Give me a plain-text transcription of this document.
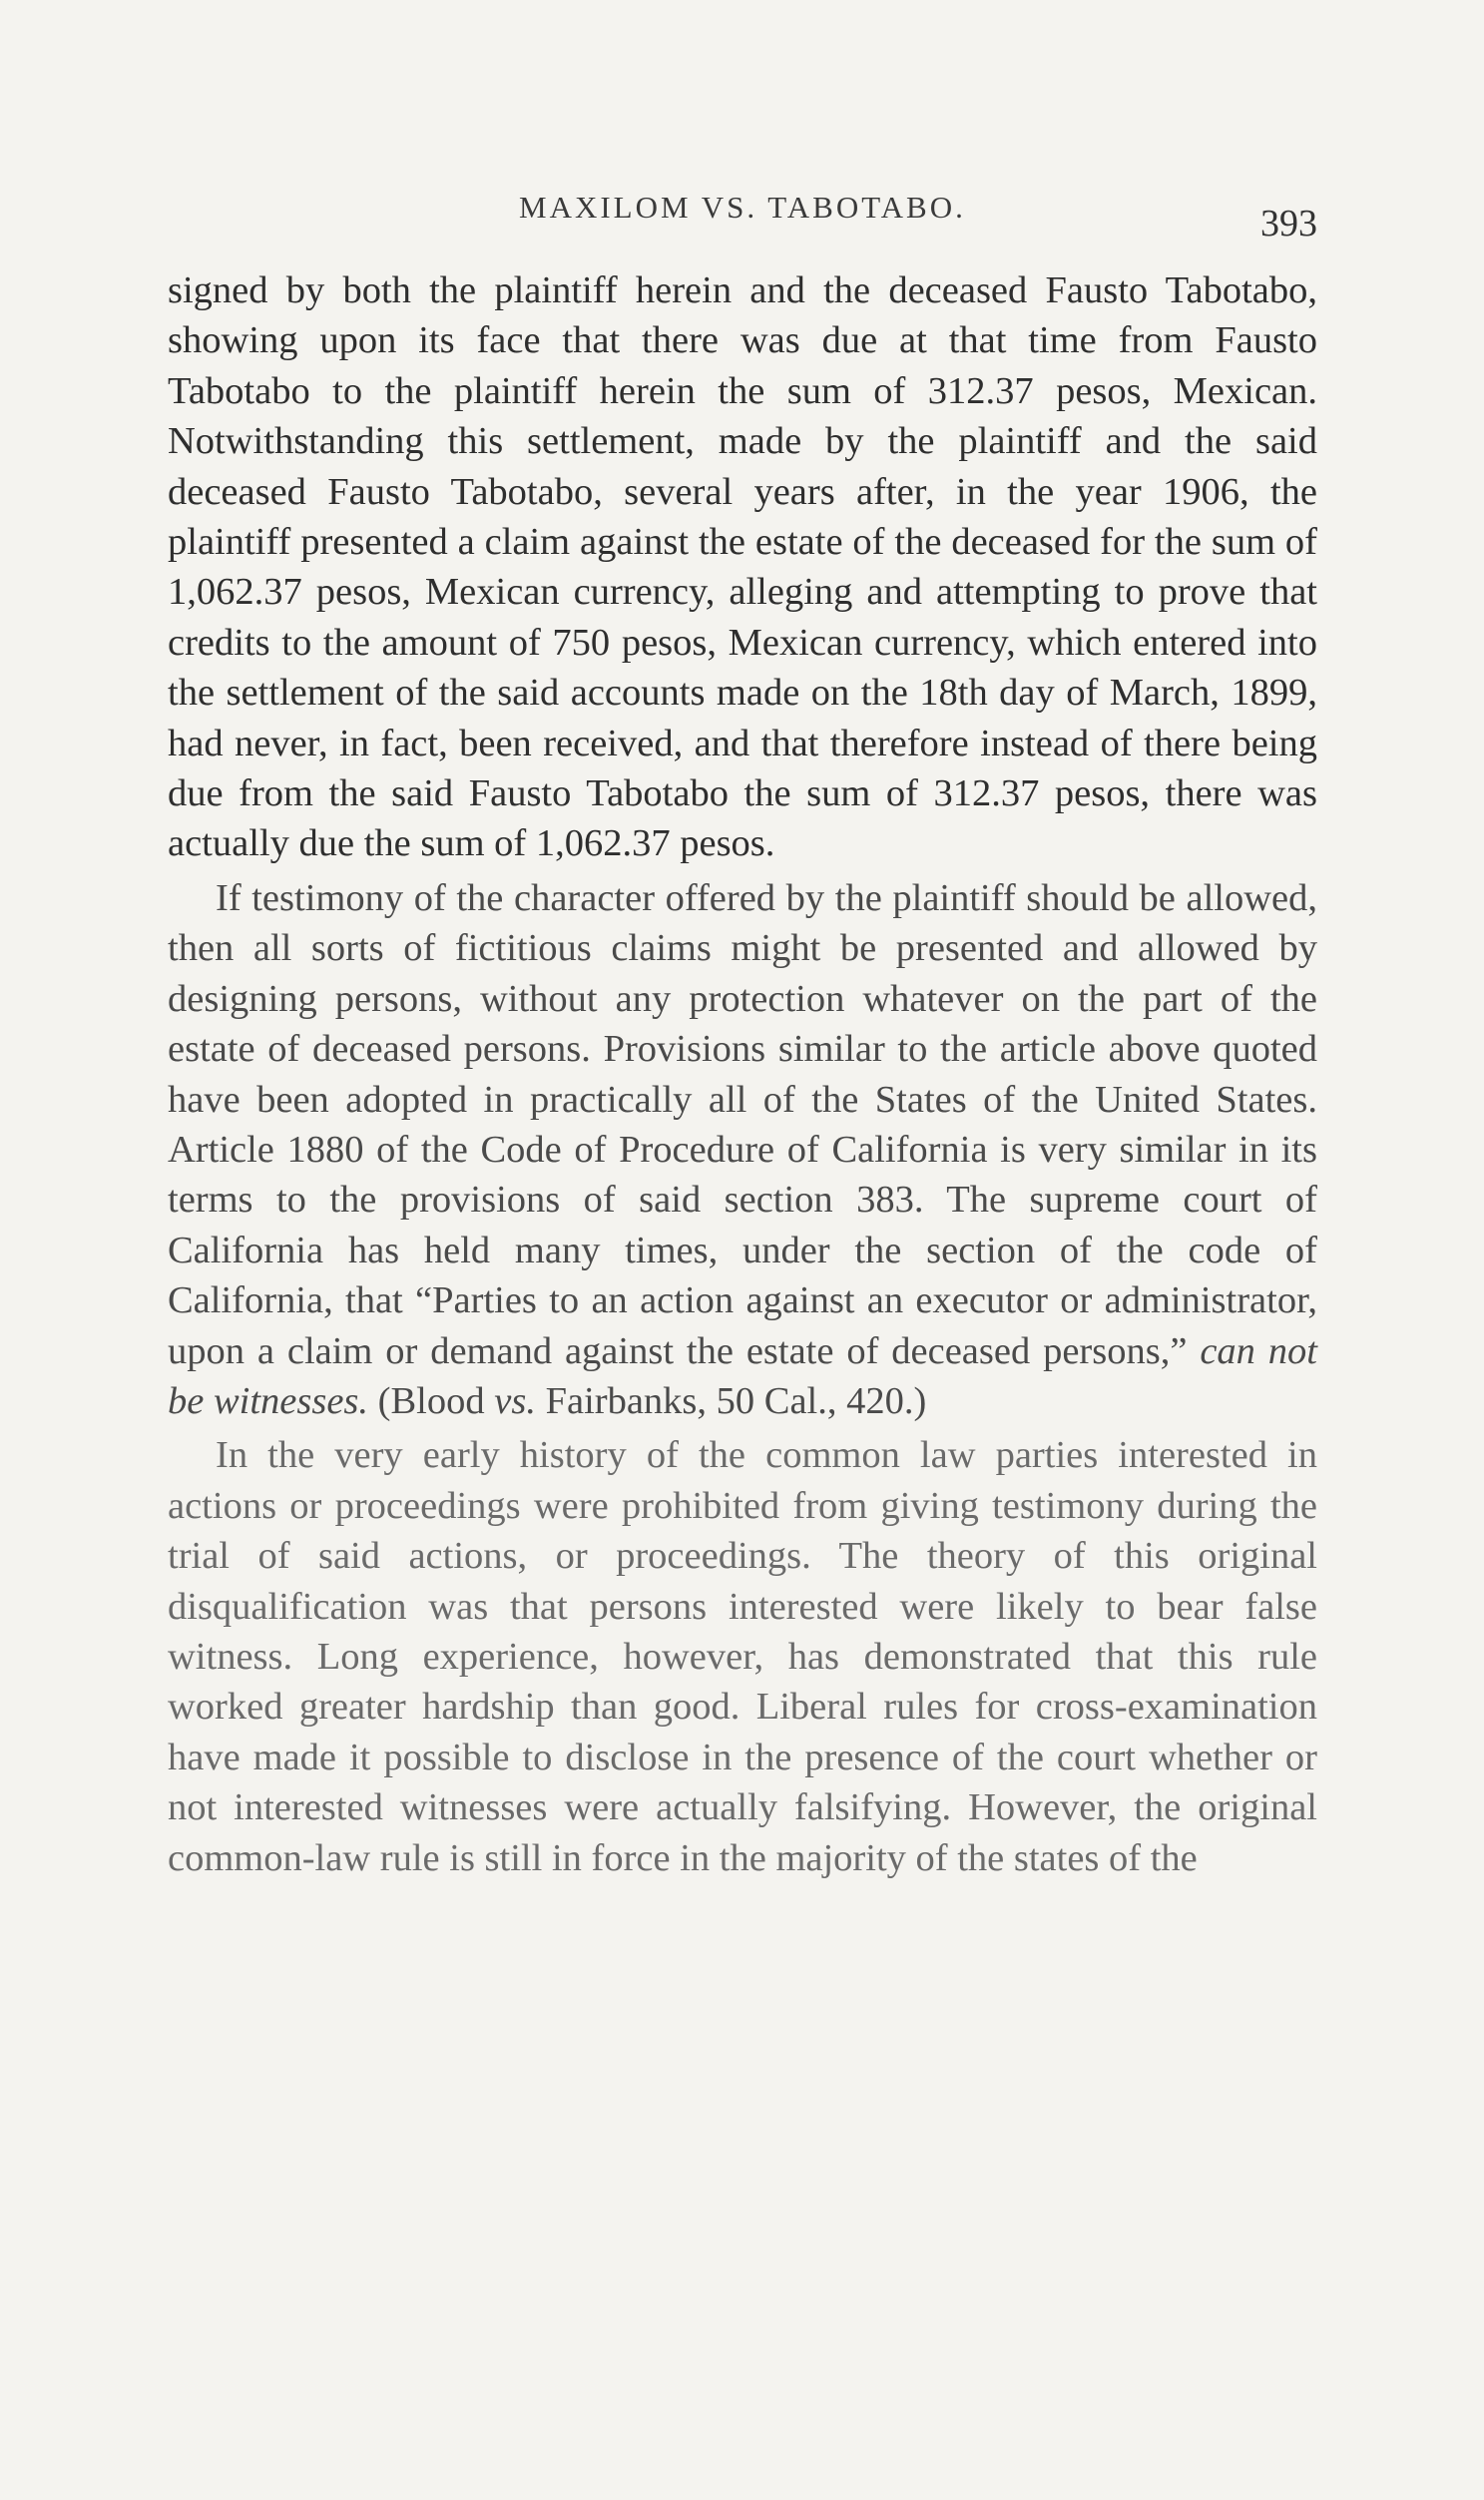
MAXILOM VS. TABOTABO.	393

signed by both the plaintiff herein and the deceased Fausto Tabotabo, showing upon its face that there was due at that time from Fausto Tabotabo to the plaintiff herein the sum of 312.37 pesos, Mexican. Notwithstanding this settlement, made by the plaintiff and the said deceased Fausto Tabotabo, several years after, in the year 1906, the plaintiff presented a claim against the estate of the deceased for the sum of 1,062.37 pesos, Mexican currency, alleging and attempting to prove that credits to the amount of 750 pesos, Mexican currency, which entered into the settlement of the said accounts made on the 18th day of March, 1899, had never, in fact, been received, and that therefore instead of there being due from the said Fausto Tabotabo the sum of 312.37 pesos, there was actually due the sum of 1,062.37 pesos.

If testimony of the character offered by the plaintiff should be allowed, then all sorts of fictitious claims might be presented and allowed by designing persons, without any protection whatever on the part of the estate of deceased persons. Provisions similar to the article above quoted have been adopted in practically all of the States of the United States. Article 1880 of the Code of Procedure of California is very similar in its terms to the provisions of said section 383. The supreme court of California has held many times, under the section of the code of California, that “Parties to an action against an executor or administrator, upon a claim or demand against the estate of deceased persons,” can not be witnesses. (Blood vs. Fairbanks, 50 Cal., 420.)

In the very early history of the common law parties interested in actions or proceedings were prohibited from giving testimony during the trial of said actions, or proceedings. The theory of this original disqualification was that persons interested were likely to bear false witness. Long experience, however, has demonstrated that this rule worked greater hardship than good. Liberal rules for cross-examination have made it possible to disclose in the presence of the court whether or not interested witnesses were actually falsifying. However, the original common-law rule is still in force in the majority of the states of the
